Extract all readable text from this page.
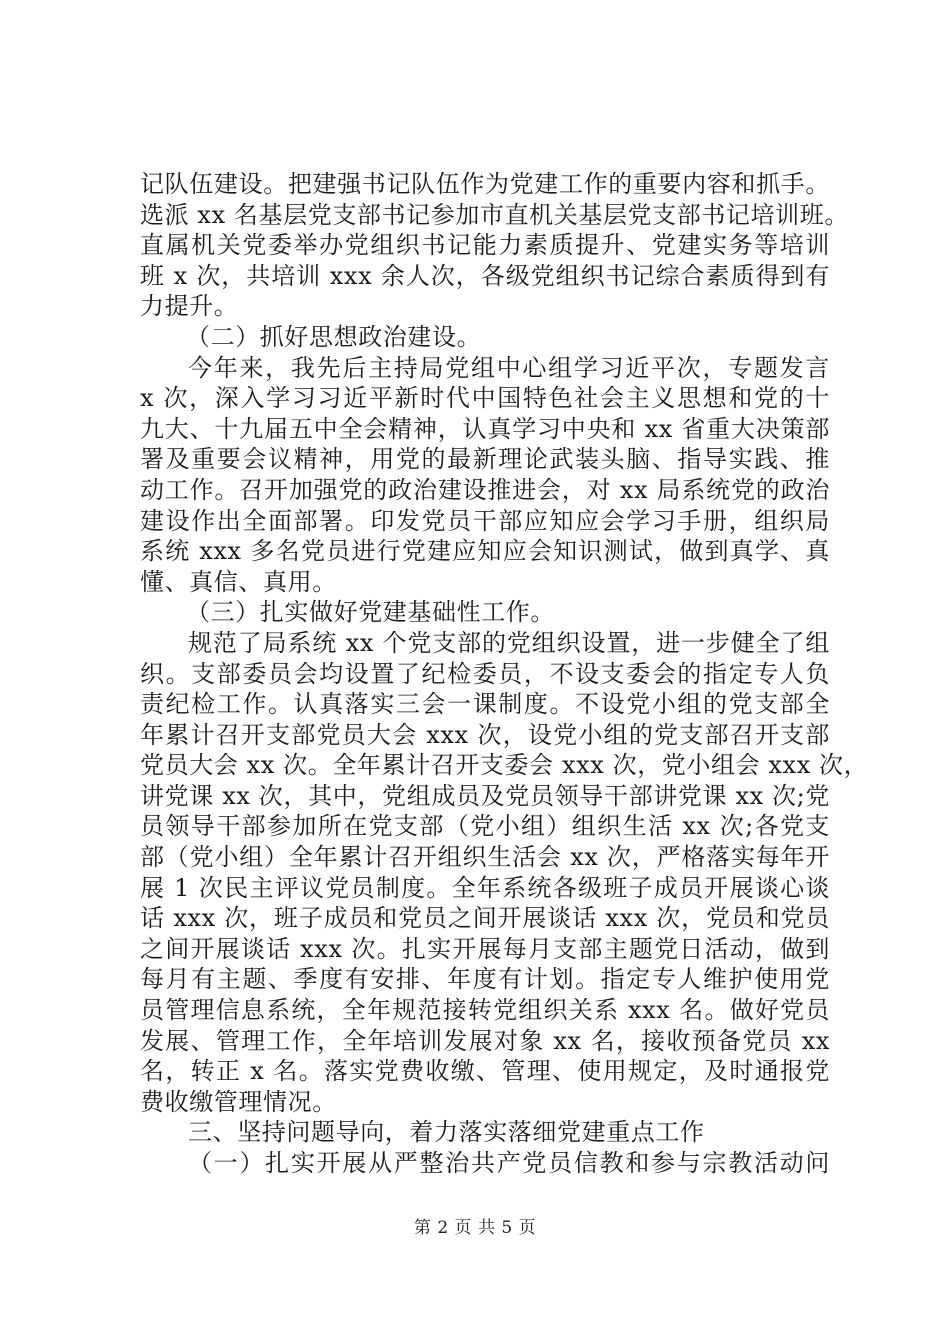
记队伍建设。把建强书记队伍作为党建工作的重要内容和抓手。
选派 xx 名基层党支部书记参加市直机关基层党支部书记培训班。
直属机关党委举办党组织书记能力素质提升、党建实务等培训
班 x 次，共培训 xxx 余人次，各级党组织书记综合素质得到有
力提升。
（二）抓好思想政治建设。
今年来，我先后主持局党组中心组学习近平次，专题发言
x 次，深入学习习近平新时代中国特色社会主义思想和党的十
九大、十九届五中全会精神，认真学习中央和 xx 省重大决策部
署及重要会议精神，用党的最新理论武装头脑、指导实践、推
动工作。召开加强党的政治建设推进会，对 xx 局系统党的政治
建设作出全面部署。印发党员干部应知应会学习手册，组织局
系统 xxx 多名党员进行党建应知应会知识测试，做到真学、真
懂、真信、真用。
（三）扎实做好党建基础性工作。
规范了局系统 xx 个党支部的党组织设置，进一步健全了组
织。支部委员会均设置了纪检委员，不设支委会的指定专人负
责纪检工作。认真落实三会一课制度。不设党小组的党支部全
年累计召开支部党员大会 xxx 次，设党小组的党支部召开支部
党员大会 xx 次。全年累计召开支委会 xxx 次，党小组会 xxx 次，
讲党课 xx 次，其中，党组成员及党员领导干部讲党课 xx 次;党
员领导干部参加所在党支部（党小组）组织生活 xx 次;各党支
部（党小组）全年累计召开组织生活会 xx 次，严格落实每年开
展 1 次民主评议党员制度。全年系统各级班子成员开展谈心谈
话 xxx 次，班子成员和党员之间开展谈话 xxx 次，党员和党员
之间开展谈话 xxx 次。扎实开展每月支部主题党日活动，做到
每月有主题、季度有安排、年度有计划。指定专人维护使用党
员管理信息系统，全年规范接转党组织关系 xxx 名。做好党员
发展、管理工作，全年培训发展对象 xx 名，接收预备党员 xx
名，转正 x 名。落实党费收缴、管理、使用规定，及时通报党
费收缴管理情况。
三、坚持问题导向，着力落实落细党建重点工作
（一）扎实开展从严整治共产党员信教和参与宗教活动问
第 2 页 共 5 页
